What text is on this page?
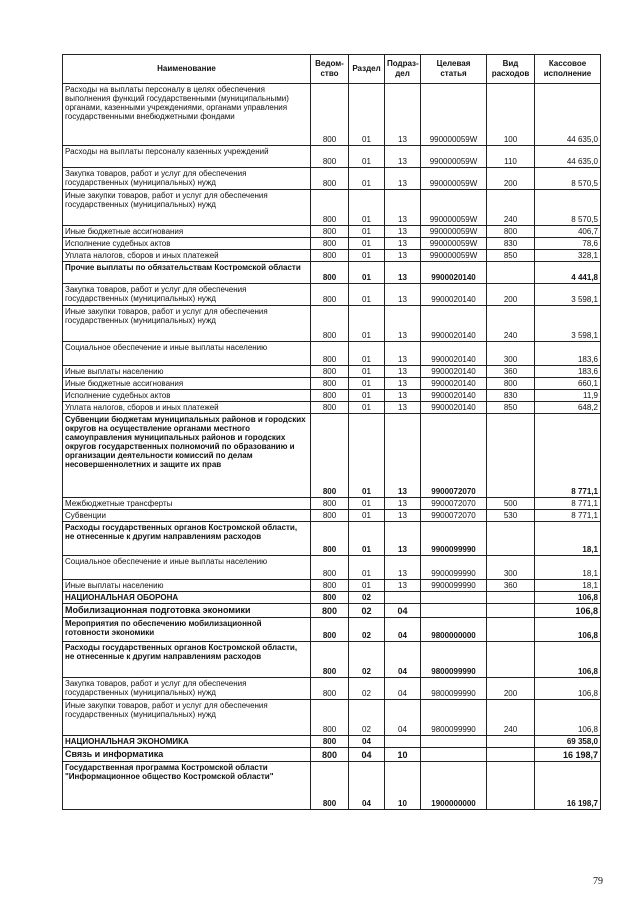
Наименование	Ведом-ство	Раздел	Подраз-дел	Целевая статья	Вид расходов	Кассовое исполнение
Расходы на выплаты персоналу в целях обеспечения выполнения функций государственными (муниципальными) органами, казенными учреждениями, органами управления государственными внебюджетными фондами	800	01	13	990000059W	100	44 635,0
Расходы на выплаты персоналу казенных учреждений	800	01	13	990000059W	110	44 635,0
Закупка товаров, работ и услуг для обеспечения государственных (муниципальных) нужд	800	01	13	990000059W	200	8 570,5
Иные закупки товаров, работ и услуг для обеспечения государственных (муниципальных) нужд	800	01	13	990000059W	240	8 570,5
Иные бюджетные ассигнования	800	01	13	990000059W	800	406,7
Исполнение судебных актов	800	01	13	990000059W	830	78,6
Уплата налогов, сборов и иных платежей	800	01	13	990000059W	850	328,1
Прочие выплаты по обязательствам Костромской области	800	01	13	9900020140		4 441,8
Закупка товаров, работ и услуг для обеспечения государственных (муниципальных) нужд	800	01	13	9900020140	200	3 598,1
Иные закупки товаров, работ и услуг для обеспечения государственных (муниципальных) нужд	800	01	13	9900020140	240	3 598,1
Социальное обеспечение и иные выплаты населению	800	01	13	9900020140	300	183,6
Иные выплаты населению	800	01	13	9900020140	360	183,6
Иные бюджетные ассигнования	800	01	13	9900020140	800	660,1
Исполнение судебных актов	800	01	13	9900020140	830	11,9
Уплата налогов, сборов и иных платежей	800	01	13	9900020140	850	648,2
Субвенции бюджетам муниципальных районов и городских округов на осуществление органами местного самоуправления муниципальных районов и городских округов государственных полномочий по образованию и организации деятельности комиссий по делам несовершеннолетних и защите их прав	800	01	13	9900072070		8 771,1
Межбюджетные трансферты	800	01	13	9900072070	500	8 771,1
Субвенции	800	01	13	9900072070	530	8 771,1
Расходы государственных органов Костромской области, не отнесенные к другим направлениям расходов	800	01	13	9900099990		18,1
Социальное обеспечение и иные выплаты населению	800	01	13	9900099990	300	18,1
Иные выплаты населению	800	01	13	9900099990	360	18,1
НАЦИОНАЛЬНАЯ ОБОРОНА	800	02				106,8
Мобилизационная подготовка экономики	800	02	04			106,8
Мероприятия по обеспечению мобилизационной готовности экономики	800	02	04	9800000000		106,8
Расходы государственных органов Костромской области, не отнесенные к другим направлениям расходов	800	02	04	9800099990		106,8
Закупка товаров, работ и услуг для обеспечения государственных (муниципальных) нужд	800	02	04	9800099990	200	106,8
Иные закупки товаров, работ и услуг для обеспечения государственных (муниципальных) нужд	800	02	04	9800099990	240	106,8
НАЦИОНАЛЬНАЯ ЭКОНОМИКА	800	04				69 358,0
Связь и информатика	800	04	10			16 198,7
Государственная программа Костромской области "Информационное общество Костромской области"	800	04	10	1900000000		16 198,7
79
